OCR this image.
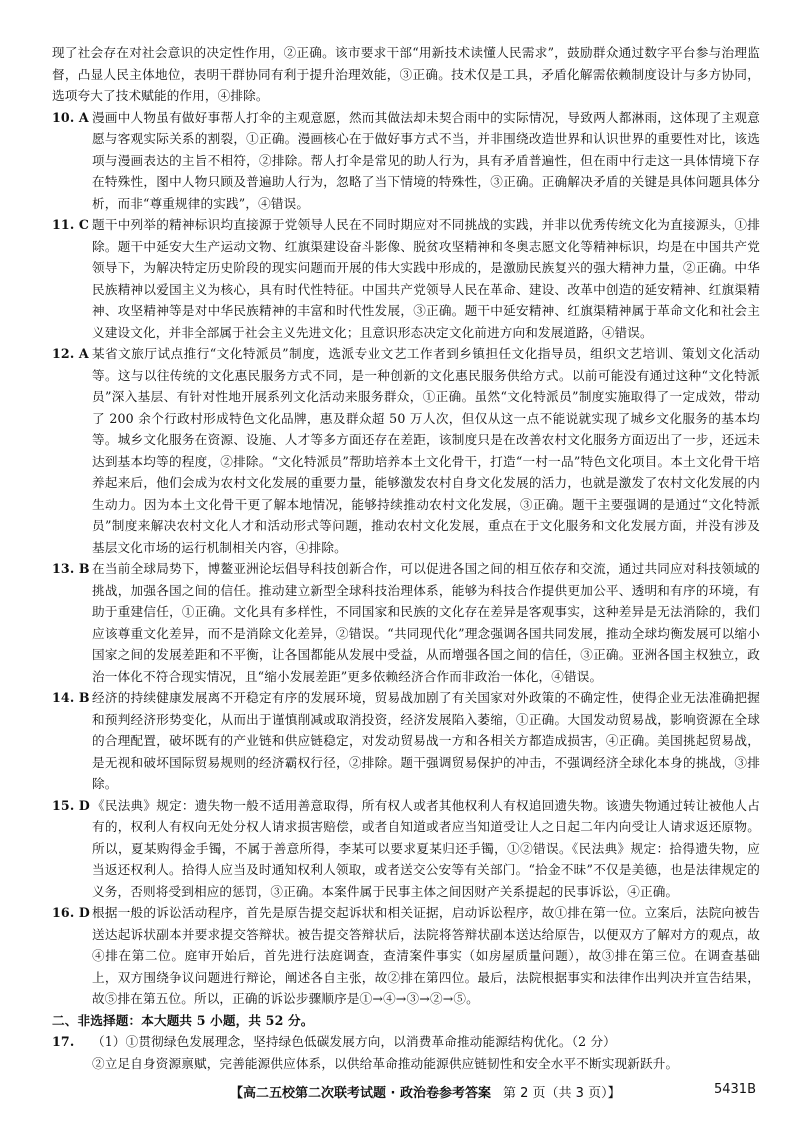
现了社会存在对社会意识的决定性作用，②正确。该市要求干部“用新技术读懂人民需求”，鼓励群众通过数字平台参与治理监督，凸显人民主体地位，表明干群协同有利于提升治理效能，③正确。技术仅是工具，矛盾化解需依赖制度设计与多方协同，选项夸大了技术赋能的作用，④排除。

10. A 漫画中人物虽有做好事帮人打伞的主观意愿，然而其做法却未契合雨中的实际情况，导致两人都淋雨，这体现了主观意愿与客观实际关系的割裂，①正确。漫画核心在于做好事方式不当，并非围绕改造世界和认识世界的重要性对比，该选项与漫画表达的主旨不相符，②排除。帮人打伞是常见的助人行为，具有矛盾普遍性，但在雨中行走这一具体情境下存在特殊性，图中人物只顾及普遍助人行为，忽略了当下情境的特殊性，③正确。正确解决矛盾的关键是具体问题具体分析，而非“尊重规律的实践”，④错误。
11. C 题干中列举的精神标识均直接源于党领导人民在不同时期应对不同挑战的实践，并非以优秀传统文化为直接源头，①排除。题干中延安大生产运动文物、红旗渠建设奋斗影像、脱贫攻坚精神和冬奥志愿文化等精神标识，均是在中国共产党领导下，为解决特定历史阶段的现实问题而开展的伟大实践中形成的，是激励民族复兴的强大精神力量，②正确。中华民族精神以爱国主义为核心，具有时代性特征。中国共产党领导人民在革命、建设、改革中创造的延安精神、红旗渠精神、攻坚精神等是对中华民族精神的丰富和时代性发展，③正确。题干中延安精神、红旗渠精神属于革命文化和社会主义建设文化，并非全部属于社会主义先进文化；且意识形态决定文化前进方向和发展道路，④错误。
12. A 某省文旅厅试点推行“文化特派员”制度，选派专业文艺工作者到乡镇担任文化指导员，组织文艺培训、策划文化活动等。这与以往传统的文化惠民服务方式不同，是一种创新的文化惠民服务供给方式。以前可能没有通过这种“文化特派员”深入基层、有针对性地开展系列文化活动来服务群众，①正确。虽然“文化特派员”制度实施取得了一定成效，带动了 200 余个行政村形成特色文化品牌，惠及群众超 50 万人次，但仅从这一点不能说就实现了城乡文化服务的基本均等。城乡文化服务在资源、设施、人才等多方面还存在差距，该制度只是在改善农村文化服务方面迈出了一步，还远未达到基本均等的程度，②排除。“文化特派员”帮助培养本土文化骨干，打造“一村一品”特色文化项目。本土文化骨干培养起来后，他们会成为农村文化发展的重要力量，能够激发农村自身文化发展的活力，也就是激发了农村文化发展的内生动力。因为本土文化骨干更了解本地情况，能够持续推动农村文化发展，③正确。题干主要强调的是通过“文化特派员”制度来解决农村文化人才和活动形式等问题，推动农村文化发展，重点在于文化服务和文化发展方面，并没有涉及基层文化市场的运行机制相关内容，④排除。
13. B 在当前全球局势下，博鳌亚洲论坛倡导科技创新合作，可以促进各国之间的相互依存和交流，通过共同应对科技领域的挑战，加强各国之间的信任。推动建立新型全球科技治理体系，能够为科技合作提供更加公平、透明和有序的环境，有助于重建信任，①正确。文化具有多样性，不同国家和民族的文化存在差异是客观事实，这种差异是无法消除的，我们应该尊重文化差异，而不是消除文化差异，②错误。“共同现代化”理念强调各国共同发展，推动全球均衡发展可以缩小国家之间的发展差距和不平衡，让各国都能从发展中受益，从而增强各国之间的信任，③正确。亚洲各国主权独立，政治一体化不符合现实情况，且“缩小发展差距”更多依赖经济合作而非政治一体化，④错误。
14. B 经济的持续健康发展离不开稳定有序的发展环境，贸易战加剧了有关国家对外政策的不确定性，使得企业无法准确把握和预判经济形势变化，从而出于谨慎削减或取消投资，经济发展陷入萎缩，①正确。大国发动贸易战，影响资源在全球的合理配置，破坏既有的产业链和供应链稳定，对发动贸易战一方和各相关方都造成损害，④正确。美国挑起贸易战，是无视和破坏国际贸易规则的经济霸权行径，②排除。题干强调贸易保护的冲击，不强调经济全球化本身的挑战，③排除。
15. D 《民法典》规定：遗失物一般不适用善意取得，所有权人或者其他权利人有权追回遗失物。该遗失物通过转让被他人占有的，权利人有权向无处分权人请求损害赔偿，或者自知道或者应当知道受让人之日起二年内向受让人请求返还原物。所以，夏某购得金手镯，不属于善意所得，李某可以要求夏某归还手镯，①②错误。《民法典》规定：拾得遗失物，应当返还权利人。拾得人应当及时通知权利人领取，或者送交公安等有关部门。“拾金不昧”不仅是美德，也是法律规定的义务，否则将受到相应的惩罚，③正确。本案件属于民事主体之间因财产关系提起的民事诉讼，④正确。
16. D 根据一般的诉讼活动程序，首先是原告提交起诉状和相关证据，启动诉讼程序，故①排在第一位。立案后，法院向被告送达起诉状副本并要求提交答辩状。被告提交答辩状后，法院将答辩状副本送达给原告，以便双方了解对方的观点，故④排在第二位。庭审开始后，首先进行法庭调查，查清案件事实（如房屋质量问题），故③排在第三位。在调查基础上，双方围绕争议问题进行辩论，阐述各自主张，故②排在第四位。最后，法院根据事实和法律作出判决并宣告结果，故⑤排在第五位。所以，正确的诉讼步骤顺序是①→④→③→②→⑤。

二、非选择题：本大题共 5 小题，共 52 分。

17.	（1）①贯彻绿色发展理念，坚持绿色低碳发展方向，以消费革命推动能源结构优化。（2 分）

②立足自身资源禀赋，完善能源供应体系，以供给革命推动能源供应链韧性和安全水平不断实现新跃升。

【高二五校第二次联考试题 · 政治卷参考答案 第 2 页（共 3 页）】	5431B
